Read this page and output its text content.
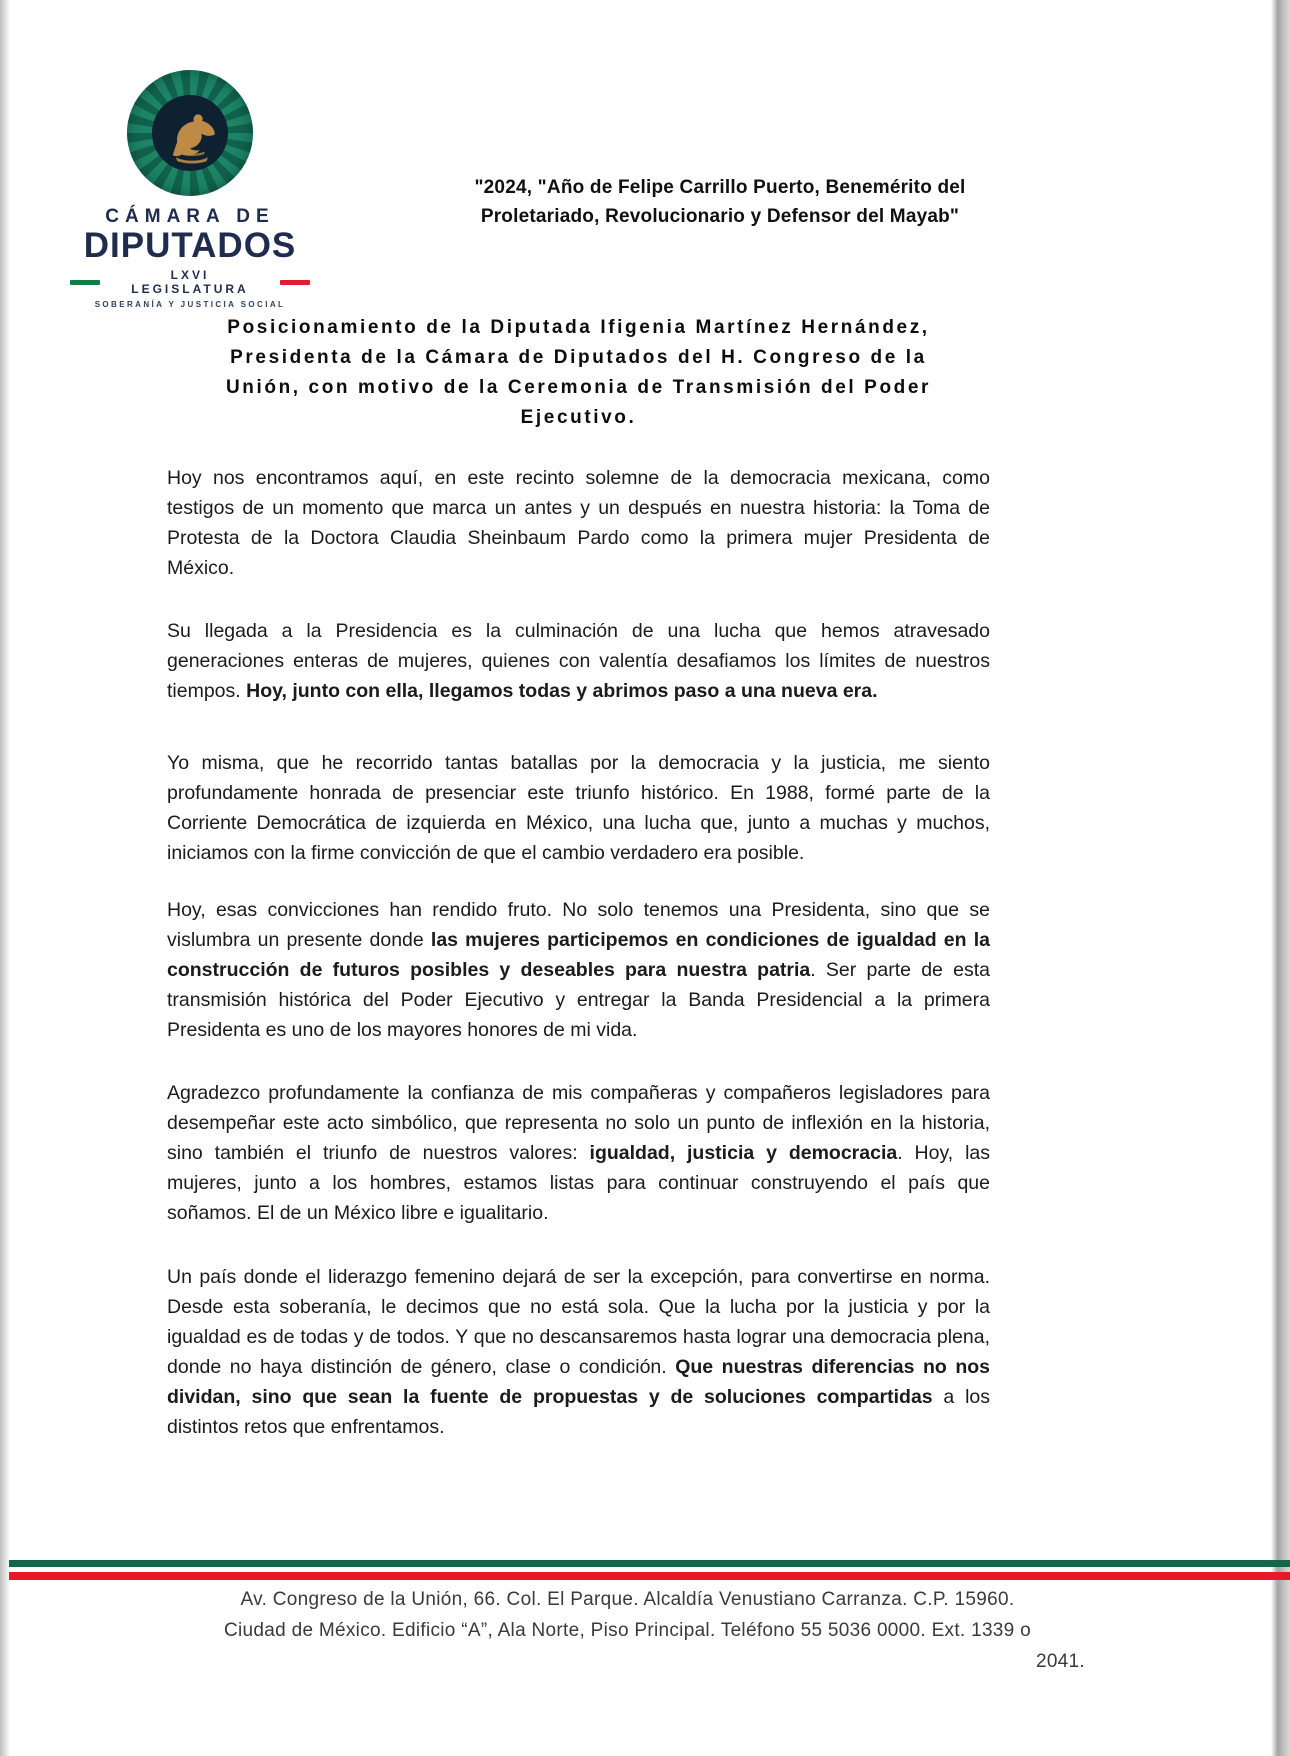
CÁMARA DE
DIPUTADOS
LXVI LEGISLATURA
SOBERANÍA Y JUSTICIA SOCIAL
"2024, "Año de Felipe Carrillo Puerto, Benemérito del
Proletariado, Revolucionario y Defensor del Mayab"
Posicionamiento de la Diputada Ifigenia Martínez Hernández,
Presidenta de la Cámara de Diputados del H. Congreso de la
Unión, con motivo de la Ceremonia de Transmisión del Poder
Ejecutivo.

Hoy nos encontramos aquí, en este recinto solemne de la democracia mexicana, como testigos de un momento que marca un antes y un después en nuestra historia: la Toma de Protesta de la Doctora Claudia Sheinbaum Pardo como la primera mujer Presidenta de México.

Su llegada a la Presidencia es la culminación de una lucha que hemos atravesado generaciones enteras de mujeres, quienes con valentía desafiamos los límites de nuestros tiempos. Hoy, junto con ella, llegamos todas y abrimos paso a una nueva era.

Yo misma, que he recorrido tantas batallas por la democracia y la justicia, me siento profundamente honrada de presenciar este triunfo histórico. En 1988, formé parte de la Corriente Democrática de izquierda en México, una lucha que, junto a muchas y muchos, iniciamos con la firme convicción de que el cambio verdadero era posible.

Hoy, esas convicciones han rendido fruto. No solo tenemos una Presidenta, sino que se vislumbra un presente donde las mujeres participemos en condiciones de igualdad en la construcción de futuros posibles y deseables para nuestra patria. Ser parte de esta transmisión histórica del Poder Ejecutivo y entregar la Banda Presidencial a la primera Presidenta es uno de los mayores honores de mi vida.

Agradezco profundamente la confianza de mis compañeras y compañeros legisladores para desempeñar este acto simbólico, que representa no solo un punto de inflexión en la historia, sino también el triunfo de nuestros valores: igualdad, justicia y democracia. Hoy, las mujeres, junto a los hombres, estamos listas para continuar construyendo el país que soñamos. El de un México libre e igualitario.

Un país donde el liderazgo femenino dejará de ser la excepción, para convertirse en norma. Desde esta soberanía, le decimos que no está sola. Que la lucha por la justicia y por la igualdad es de todas y de todos. Y que no descansaremos hasta lograr una democracia plena, donde no haya distinción de género, clase o condición. Que nuestras diferencias no nos dividan, sino que sean la fuente de propuestas y de soluciones compartidas a los distintos retos que enfrentamos.

Av. Congreso de la Unión, 66. Col. El Parque. Alcaldía Venustiano Carranza. C.P. 15960.
Ciudad de México. Edificio “A”, Ala Norte, Piso Principal. Teléfono 55 5036 0000. Ext. 1339 o
2041.
